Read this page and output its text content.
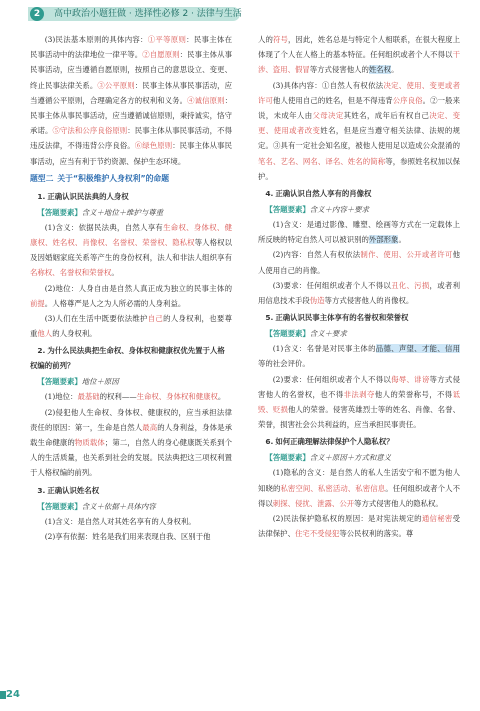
2	高中政治小题狂做 · 选择性必修 2 · 法律与生活

(3)民法基本原则的具体内容：①平等原则：民事主体在民事活动中的法律地位一律平等。②自愿原则：民事主体从事民事活动，应当遵循自愿原则，按照自己的意思设立、变更、终止民事法律关系。③公平原则：民事主体从事民事活动，应当遵循公平原则，合理确定各方的权利和义务。④诚信原则：民事主体从事民事活动，应当遵循诚信原则，秉持诚实，恪守承诺。⑤守法和公序良俗原则：民事主体从事民事活动，不得违反法律，不得违背公序良俗。⑥绿色原则：民事主体从事民事活动，应当有利于节约资源、保护生态环境。

题型二 关于“积极维护人身权利”的命题
1. 正确认识民法典的人身权
【答题要素】含义＋地位＋维护与尊重

(1)含义：依据民法典，自然人享有生命权、身体权、健康权、姓名权、肖像权、名誉权、荣誉权、隐私权等人格权以及因婚姻家庭关系等产生的身份权利，法人和非法人组织享有名称权、名誉权和荣誉权。

(2)地位：人身自由是自然人真正成为独立的民事主体的前提。人格尊严是人之为人所必需的人身利益。

(3)人们在生活中既要依法维护自己的人身权利，也要尊重他人的人身权利。

2. 为什么民法典把生命权、身体权和健康权优先置于人格权编的前列？
【答题要素】地位＋原因

(1)地位：最基础的权利——生命权、身体权和健康权。

(2)侵犯他人生命权、身体权、健康权的，应当承担法律责任的原因：第一，生命是自然人最高的人身利益，身体是承载生命健康的物质载体；第二，自然人的身心健康既关系到个人的生活质量，也关系到社会的发展。民法典把这三项权利置于人格权编的前列。

3. 正确认识姓名权
【答题要素】含义＋依据＋具体内容

(1)含义：是自然人对其姓名享有的人身权利。

(2)享有依据：姓名是我们用来表现自我、区别于他

人的符号，因此，姓名总是与特定个人相联系，在很大程度上体现了个人在人格上的基本特征。任何组织或者个人不得以干涉、盗用、假冒等方式侵害他人的姓名权。

(3)具体内容：①自然人有权依法决定、使用、变更或者许可他人使用自己的姓名，但是不得违背公序良俗。②一般来说，未成年人由父母决定其姓名，成年后有权自己决定、变更、使用或者改变姓名，但是应当遵守相关法律、法规的规定。③具有一定社会知名度，被他人使用足以造成公众混淆的笔名、艺名、网名、译名、姓名的简称等，参照姓名权加以保护。

4. 正确认识自然人享有的肖像权
【答题要素】含义＋内容＋要求

(1)含义：是通过影像、雕塑、绘画等方式在一定载体上所反映的特定自然人可以被识别的外部形象。

(2)内容：自然人有权依法制作、使用、公开或者许可他人使用自己的肖像。

(3)要求：任何组织或者个人不得以丑化、污损，或者利用信息技术手段伪造等方式侵害他人的肖像权。

5. 正确认识民事主体享有的名誉权和荣誉权
【答题要素】含义＋要求

(1)含义：名誉是对民事主体的品德、声望、才能、信用等的社会评价。

(2)要求：任何组织或者个人不得以侮辱、诽谤等方式侵害他人的名誉权，也不得非法剥夺他人的荣誉称号，不得诋毁、贬损他人的荣誉。侵害英雄烈士等的姓名、肖像、名誉、荣誉，损害社会公共利益的，应当承担民事责任。

6. 如何正确理解法律保护个人隐私权？
【答题要素】含义＋原因＋方式和意义

(1)隐私的含义：是自然人的私人生活安宁和不愿为他人知晓的私密空间、私密活动、私密信息。任何组织或者个人不得以刺探、侵扰、泄露、公开等方式侵害他人的隐私权。

(2)民法保护隐私权的原因：是对宪法规定的通信秘密受法律保护、住宅不受侵犯等公民权利的落实。尊

24
